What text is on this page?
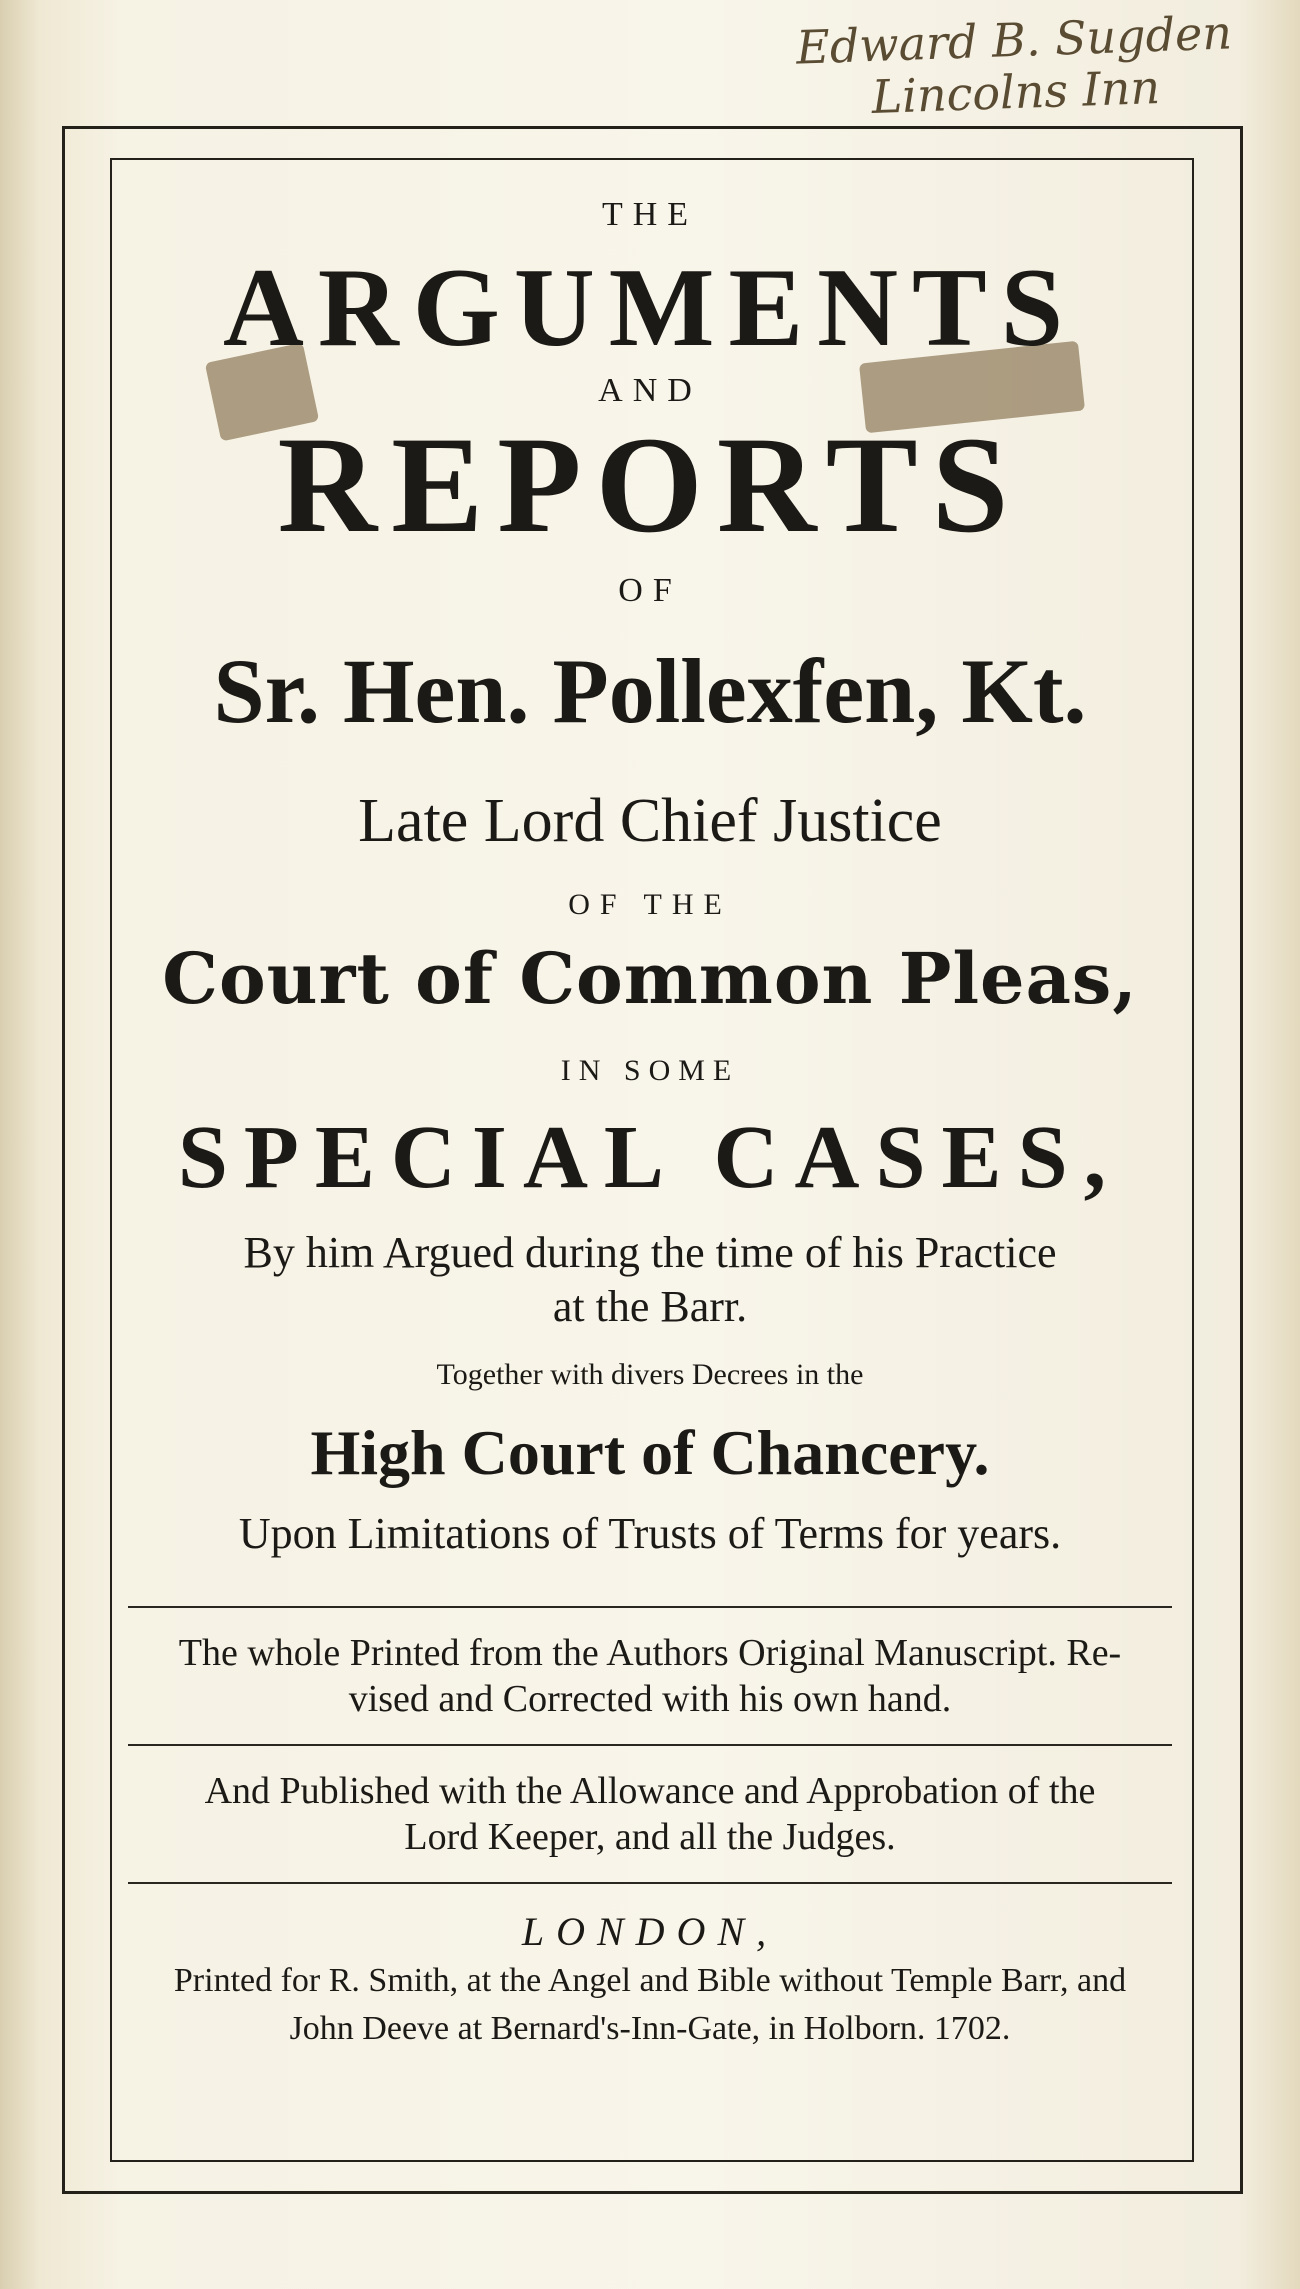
Edward B. Sugden
Lincolns Inn
THE
ARGUMENTS
AND
REPORTS
OF
Sr. Hen. Pollexfen, Kt.
Late Lord Chief Justice
OF THE
Court of Common Pleas,
IN SOME
SPECIAL CASES,
By him Argued during the time of his Practice
at the Barr.
Together with divers Decrees in the
High Court of Chancery.
Upon Limitations of Trusts of Terms for years.
The whole Printed from the Authors Original Manuscript. Re-
vised and Corrected with his own hand.
And Published with the Allowance and Approbation of the
Lord Keeper, and all the Judges.
LONDON,
Printed for R. Smith, at the Angel and Bible without Temple Barr, and
John Deeve at Bernard's-Inn-Gate, in Holborn. 1702.
